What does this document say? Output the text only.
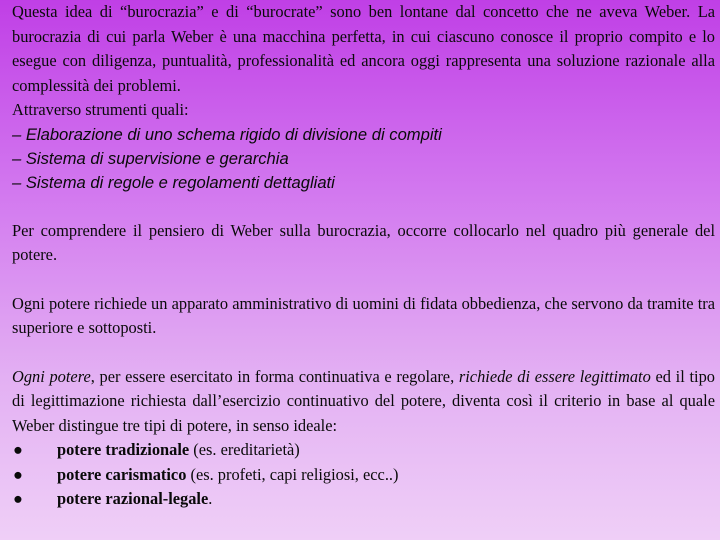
Questa idea di “burocrazia” e di “burocrate” sono ben lontane dal concetto che ne aveva Weber. La burocrazia di cui parla Weber è una macchina perfetta, in cui ciascuno conosce il proprio compito e lo esegue con diligenza, puntualità, professionalità ed ancora oggi rappresenta una soluzione razionale alla complessità dei problemi.
Attraverso strumenti quali:

– Elaborazione di uno schema rigido di divisione di compiti
– Sistema di supervisione e gerarchia
– Sistema di regole e regolamenti dettagliati

Per comprendere il pensiero di Weber sulla burocrazia, occorre collocarlo nel quadro più generale del potere.

Ogni potere richiede un apparato amministrativo di uomini di fidata obbedienza, che servono da tramite tra superiore e sottoposti.

Ogni potere, per essere esercitato in forma continuativa e regolare, richiede di essere legittimato ed il tipo di legittimazione richiesta dall’esercizio continuativo del potere, diventa così il criterio in base al quale Weber distingue tre tipi di potere, in senso ideale:

● potere tradizionale (es. ereditarietà)
● potere carismatico (es. profeti, capi religiosi, ecc..)
● potere razional-legale.
